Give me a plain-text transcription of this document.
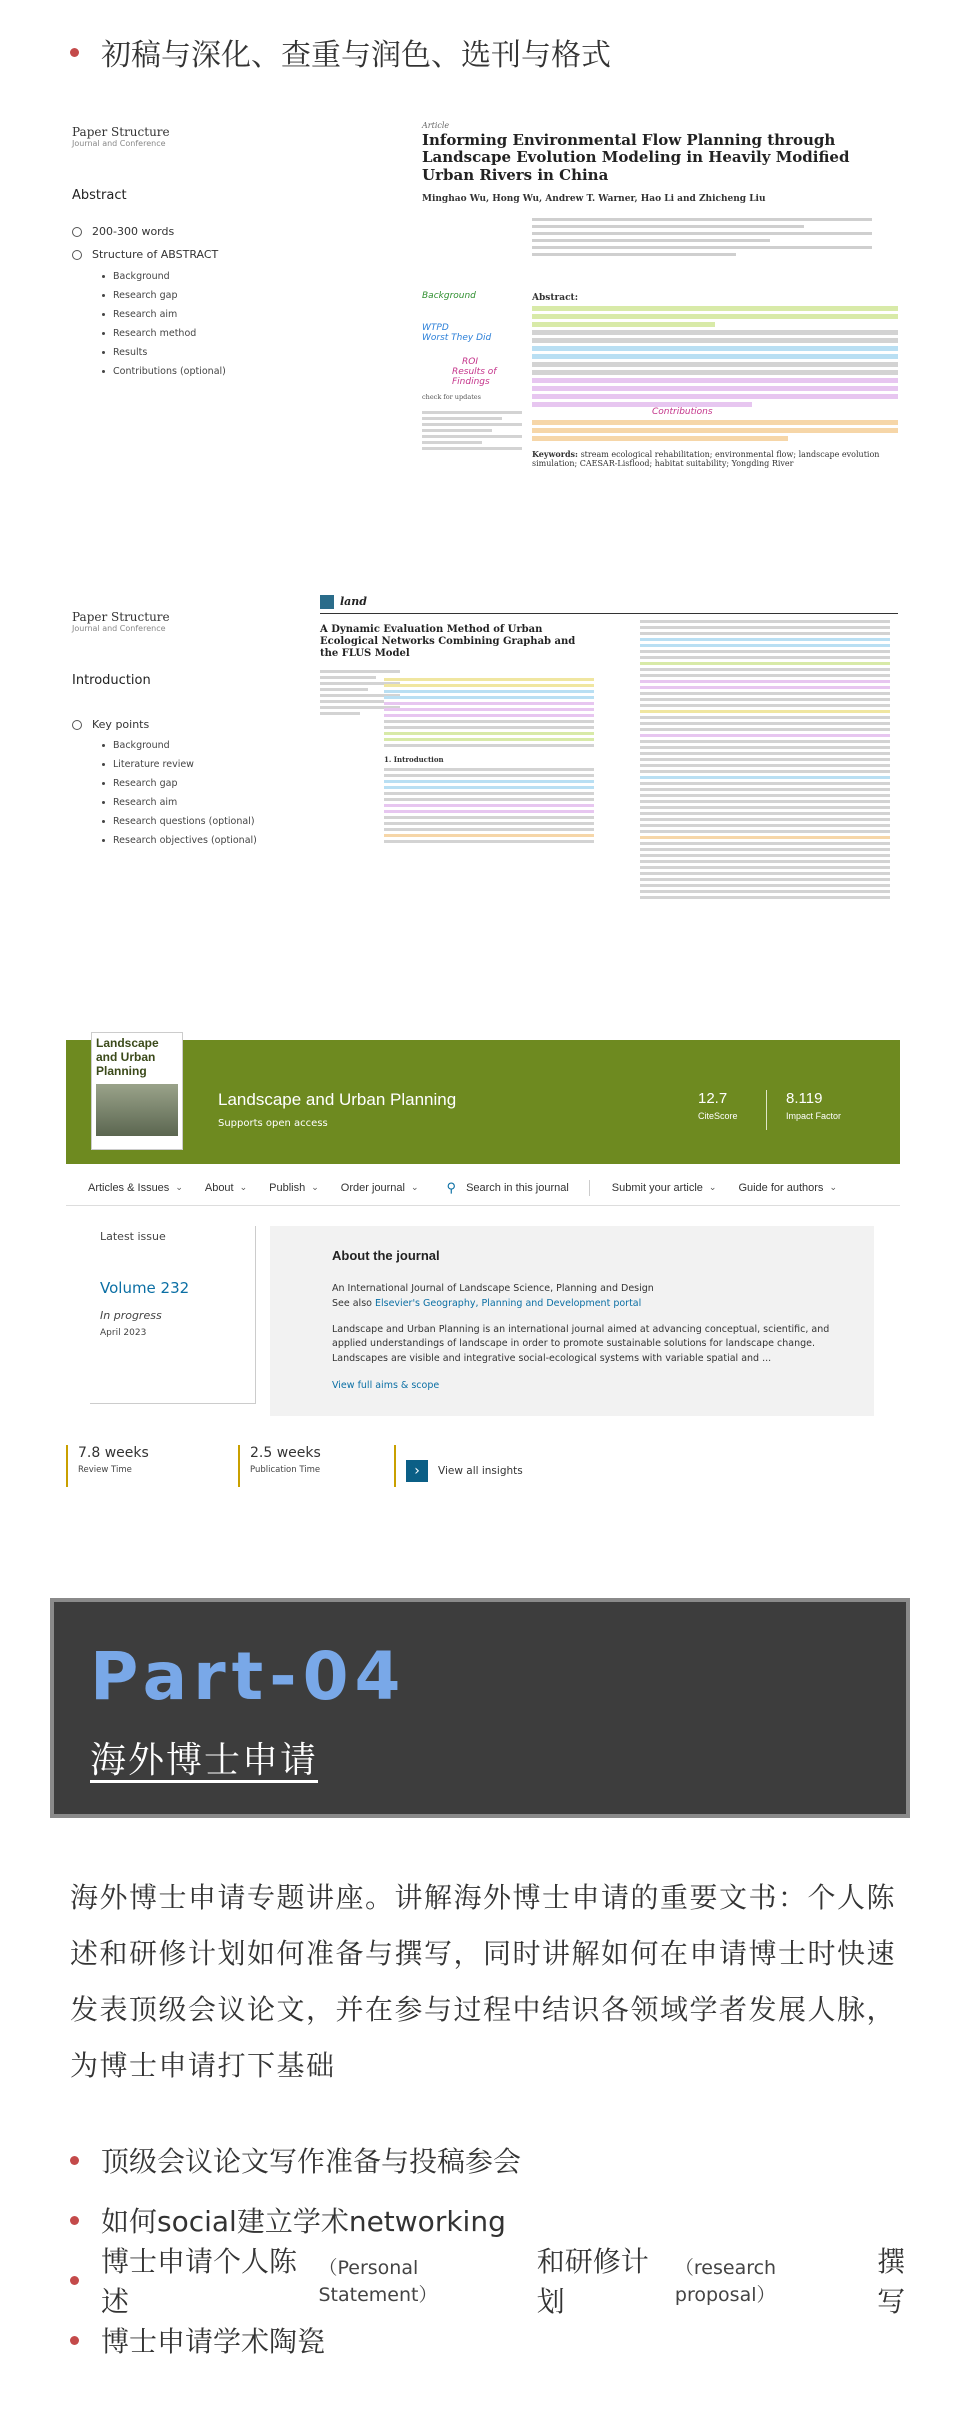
初稿与深化、查重与润色、选刊与格式
Paper Structure
Journal and Conference
Abstract
200-300 words
Structure of ABSTRACT
Background
Research gap
Research aim
Research method
Results
Contributions (optional)
Article
Informing Environmental Flow Planning through Landscape Evolution Modeling in Heavily Modified Urban Rivers in China
Minghao Wu, Hong Wu, Andrew T. Warner, Hao Li and Zhicheng Liu
Background
WTPD
Worst They Did
ROI
Results of Findings
check for updates
Abstract:
Contributions
Keywords: stream ecological rehabilitation; environmental flow; landscape evolution simulation; CAESAR-Lisflood; habitat suitability; Yongding River
Paper Structure
Journal and Conference
Introduction
Key points
Background
Literature review
Research gap
Research aim
Research questions (optional)
Research objectives (optional)
land
A Dynamic Evaluation Method of Urban Ecological Networks Combining Graphab and the FLUS Model
1. Introduction
Landscape and Urban Planning
Landscape and Urban Planning
Supports open access
12.7
CiteScore
8.119
Impact Factor
Articles & Issues ⌄ About ⌄ Publish ⌄ Order journal ⌄ ⚲ Search in this journal	Submit your article ⌄ Guide for authors ⌄
Latest issue
Volume 232
In progress
April 2023
About the journal
An International Journal of Landscape Science, Planning and Design
See also Elsevier's Geography, Planning and Development portal
Landscape and Urban Planning is an international journal aimed at advancing conceptual, scientific, and applied understandings of landscape in order to promote sustainable solutions for landscape change. Landscapes are visible and integrative social-ecological systems with variable spatial and ...
View full aims & scope
7.8 weeks
Review Time
2.5 weeks
Publication Time	›	View all insights
Part-04
海外博士申请
海外博士申请专题讲座。讲解海外博士申请的重要文书：个人陈述和研修计划如何准备与撰写，同时讲解如何在申请博士时快速发表顶级会议论文，并在参与过程中结识各领域学者发展人脉，为博士申请打下基础
顶级会议论文写作准备与投稿参会
如何social建立学术networking
博士申请个人陈述
（Personal Statement）
和研修计划
（research proposal）
撰写
博士申请学术陶瓷
